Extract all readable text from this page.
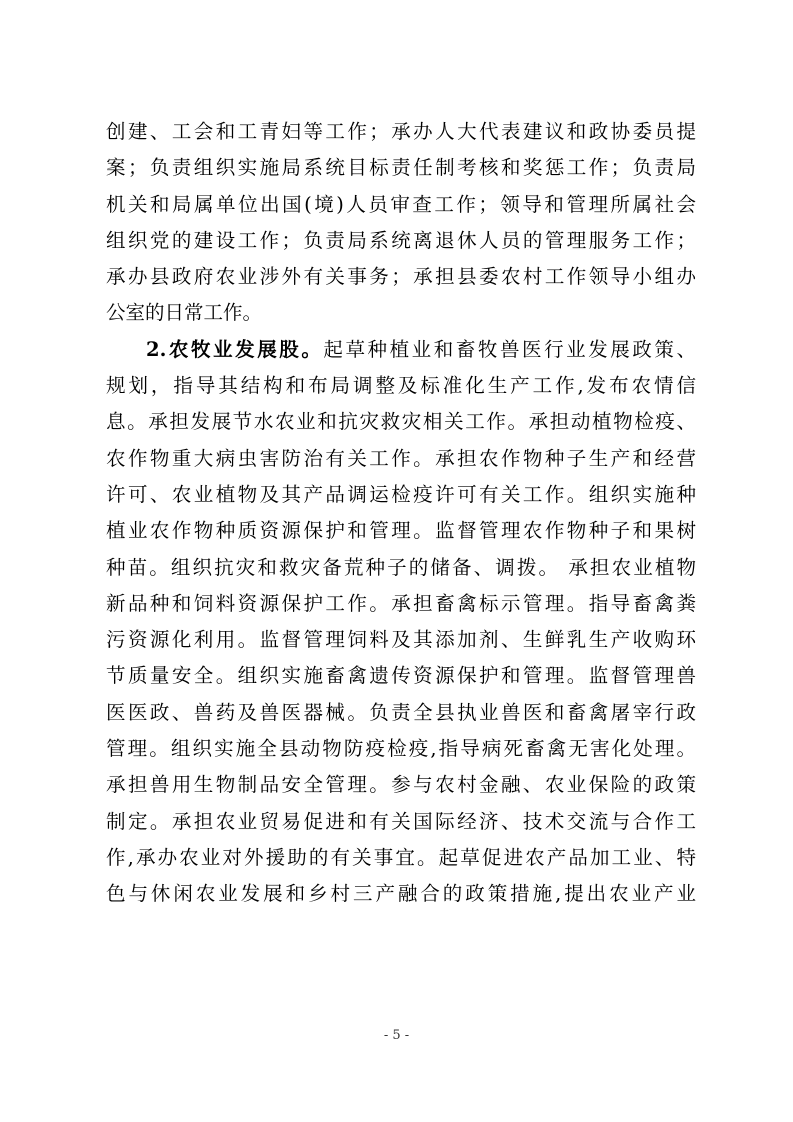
创建、工会和工青妇等工作；承办人大代表建议和政协委员提
案；负责组织实施局系统目标责任制考核和奖惩工作；负责局
机关和局属单位出国(境)人员审查工作；领导和管理所属社会
组织党的建设工作；负责局系统离退休人员的管理服务工作；
承办县政府农业涉外有关事务；承担县委农村工作领导小组办
公室的日常工作。
2.农牧业发展股。起草种植业和畜牧兽医行业发展政策、
规划，指导其结构和布局调整及标准化生产工作,发布农情信
息。承担发展节水农业和抗灾救灾相关工作。承担动植物检疫、
农作物重大病虫害防治有关工作。承担农作物种子生产和经营
许可、农业植物及其产品调运检疫许可有关工作。组织实施种
植业农作物种质资源保护和管理。监督管理农作物种子和果树
种苗。组织抗灾和救灾备荒种子的储备、调拨。 承担农业植物
新品种和饲料资源保护工作。承担畜禽标示管理。指导畜禽粪
污资源化利用。监督管理饲料及其添加剂、生鲜乳生产收购环
节质量安全。组织实施畜禽遗传资源保护和管理。监督管理兽
医医政、兽药及兽医器械。负责全县执业兽医和畜禽屠宰行政
管理。组织实施全县动物防疫检疫,指导病死畜禽无害化处理。
承担兽用生物制品安全管理。参与农村金融、农业保险的政策
制定。承担农业贸易促进和有关国际经济、技术交流与合作工
作,承办农业对外援助的有关事宜。起草促进农产品加工业、特
色与休闲农业发展和乡村三产融合的政策措施,提出农业产业
- 5 -
